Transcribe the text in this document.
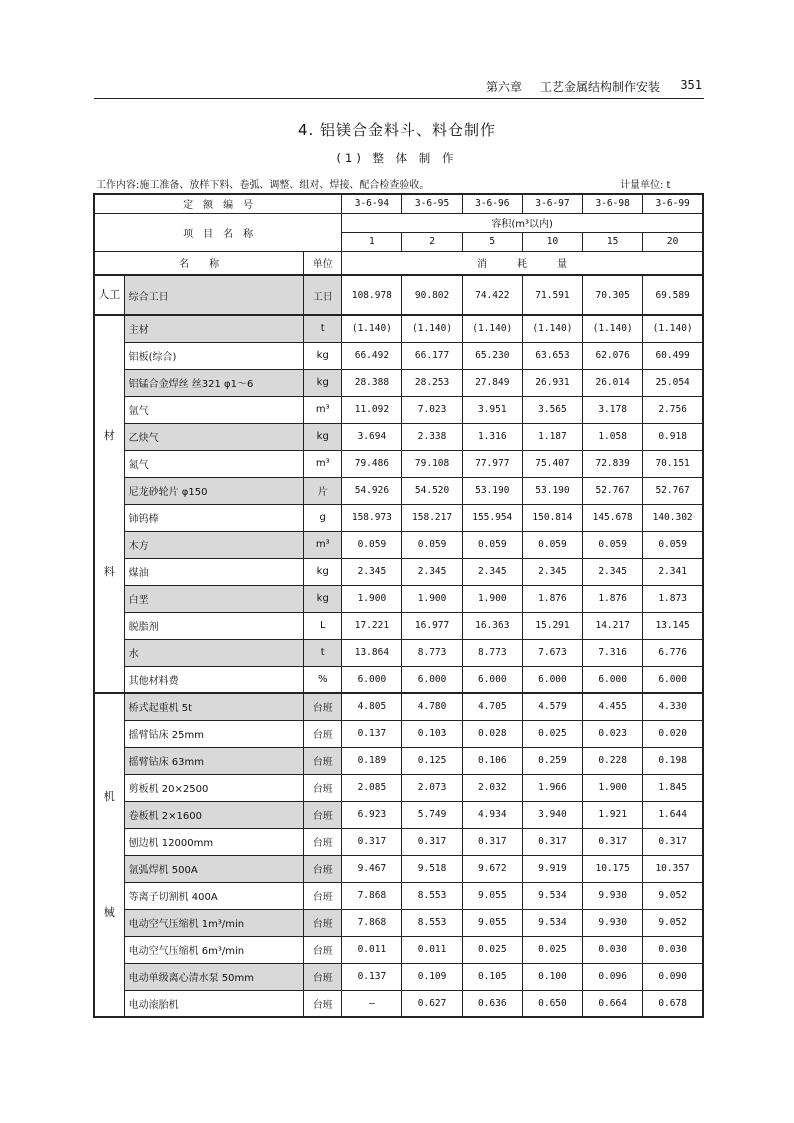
第六章 工艺金属结构制作安装 351
4. 铝镁合金料斗、料仓制作
(1) 整 体 制 作
工作内容:施工准备、放样下料、卷弧、调整、组对、焊接、配合检查验收。	计量单位: t
定　额　编　号			3-6-94	3-6-95	3-6-96	3-6-97	3-6-98	3-6-99
项　目　名　称			容积(m³以内)					
			1	2	5	10	15	20
名　　称		单位	消　　　耗　　　量					
人工	综合工日	工日	108.978	90.802	74.422	71.591	70.305	69.589

材
料	主材	t	(1.140)	(1.140)	(1.140)	(1.140)	(1.140)	(1.140)
	铝板(综合)	kg	66.492	66.177	65.230	63.653	62.076	60.499
	铝锰合金焊丝 丝321 φ1～6	kg	28.388	28.253	27.849	26.931	26.014	25.054
	氩气	m³	11.092	7.023	3.951	3.565	3.178	2.756
	乙炔气	kg	3.694	2.338	1.316	1.187	1.058	0.918
	氮气	m³	79.486	79.108	77.977	75.407	72.839	70.151
	尼龙砂轮片 φ150	片	54.926	54.520	53.190	53.190	52.767	52.767
	铈钨棒	g	158.973	158.217	155.954	150.814	145.678	140.302
	木方	m³	0.059	0.059	0.059	0.059	0.059	0.059
	煤油	kg	2.345	2.345	2.345	2.345	2.345	2.341
	白垩	kg	1.900	1.900	1.900	1.876	1.876	1.873
	脱脂剂	L	17.221	16.977	16.363	15.291	14.217	13.145
	水	t	13.864	8.773	8.773	7.673	7.316	6.776
	其他材料费	%	6.000	6.000	6.000	6.000	6.000	6.000

机
械	桥式起重机 5t	台班	4.805	4.780	4.705	4.579	4.455	4.330
	摇臂钻床 25mm	台班	0.137	0.103	0.028	0.025	0.023	0.020
	摇臂钻床 63mm	台班	0.189	0.125	0.106	0.259	0.228	0.198
	剪板机 20×2500	台班	2.085	2.073	2.032	1.966	1.900	1.845
	卷板机 2×1600	台班	6.923	5.749	4.934	3.940	1.921	1.644
	刨边机 12000mm	台班	0.317	0.317	0.317	0.317	0.317	0.317
	氩弧焊机 500A	台班	9.467	9.518	9.672	9.919	10.175	10.357
	等离子切割机 400A	台班	7.868	8.553	9.055	9.534	9.930	9.052
	电动空气压缩机 1m³/min	台班	7.868	8.553	9.055	9.534	9.930	9.052
	电动空气压缩机 6m³/min	台班	0.011	0.011	0.025	0.025	0.030	0.030
	电动单级离心清水泵 50mm	台班	0.137	0.109	0.105	0.100	0.096	0.090
	电动滚胎机	台班	—	0.627	0.636	0.650	0.664	0.678
